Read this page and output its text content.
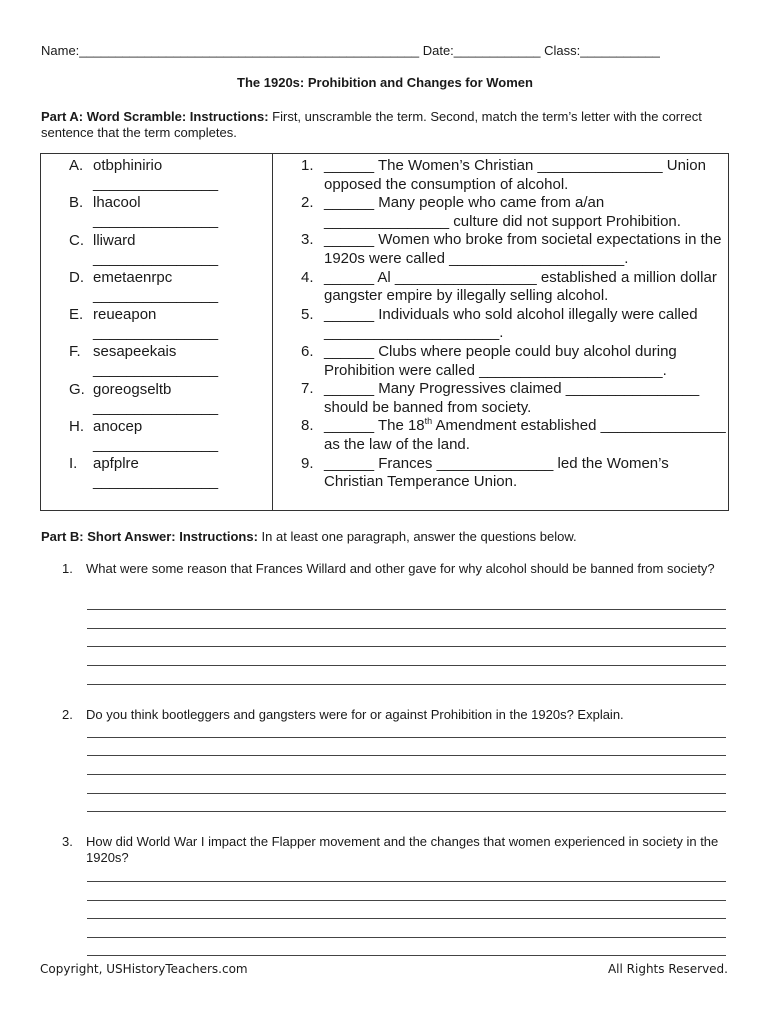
Name:_______________________________________________ Date:____________ Class:___________
The 1920s: Prohibition and Changes for Women
Part A: Word Scramble: Instructions: First, unscramble the term. Second, match the term’s letter with the correct sentence that the term completes.
A. otbphinirio
_______________
B. lhacool
_______________
C. lliward
_______________
D. emetaenrpc
_______________
E. reueapon
_______________
F. sesapeekais
_______________
G. goreogseltb
_______________
H. anocep
_______________
I.	apfplre
_______________
1. ______ The Women’s Christian _______________ Union opposed the consumption of alcohol.
2. ______ Many people who came from a/an _______________ culture did not support Prohibition.
3. ______ Women who broke from societal expectations in the 1920s were called _____________________.
4. ______ Al _________________ established a million dollar gangster empire by illegally selling alcohol.
5. ______ Individuals who sold alcohol illegally were called _____________________.
6. ______ Clubs where people could buy alcohol during Prohibition were called ______________________.
7. ______ Many Progressives claimed ________________ should be banned from society.
8. ______ The 18th Amendment established _______________ as the law of the land.
9. ______ Frances ______________ led the Women’s Christian Temperance Union.
Part B: Short Answer: Instructions: In at least one paragraph, answer the questions below.
1. What were some reason that Frances Willard and other gave for why alcohol should be banned from society?
2. Do you think bootleggers and gangsters were for or against Prohibition in the 1920s? Explain.
3. How did World War I impact the Flapper movement and the changes that women experienced in society in the 1920s?
Copyright, USHistoryTeachers.com	All Rights Reserved.
